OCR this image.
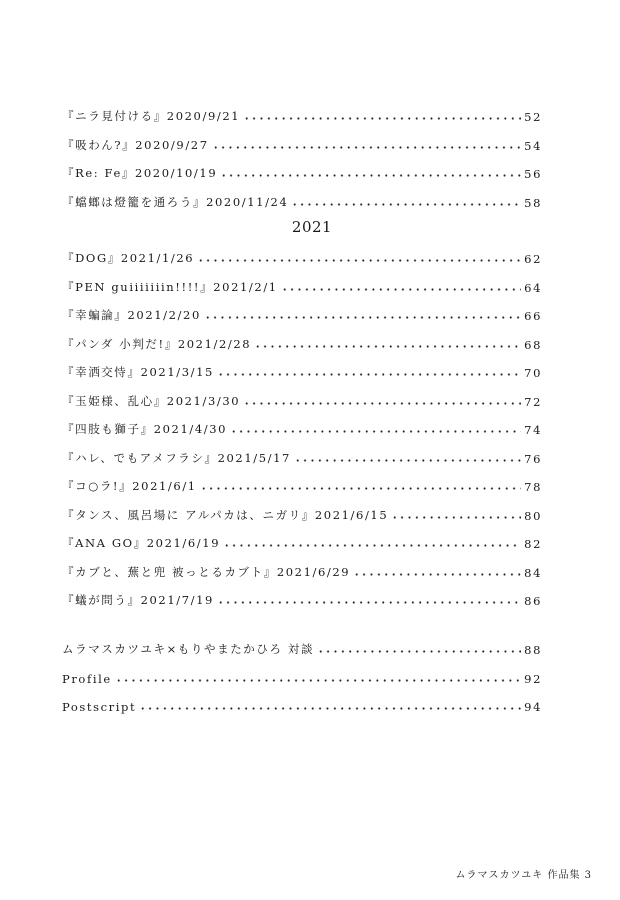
『ニラ見付ける』2020/9/21	52
『吸わん?』2020/9/27	54
『Re: Fe』2020/10/19	56
『蟷螂は燈籠を通ろう』2020/11/24	58
2021
『DOG』2021/1/26	62
『PEN guiiiiiiin!!!!』2021/2/1	64
『幸蝙論』2021/2/20	66
『パンダ 小判だ!』2021/2/28	68
『幸洒交恃』2021/3/15	70
『玉姫様、乱心』2021/3/30	72
『四肢も獅子』2021/4/30	74
『ハレ、でもアメフラシ』2021/5/17	76
『コ○ラ!』2021/6/1	78
『タンス、風呂場に アルパカは、ニガリ』2021/6/15	80
『ANA GO』2021/6/19	82
『カブと、蕪と兜 被っとるカブト』2021/6/29	84
『蟻が問う』2021/7/19	86
ムラマスカツユキ×もりやまたかひろ 対談	88
Profile	92
Postscript	94
ムラマスカツユキ 作品集 3
